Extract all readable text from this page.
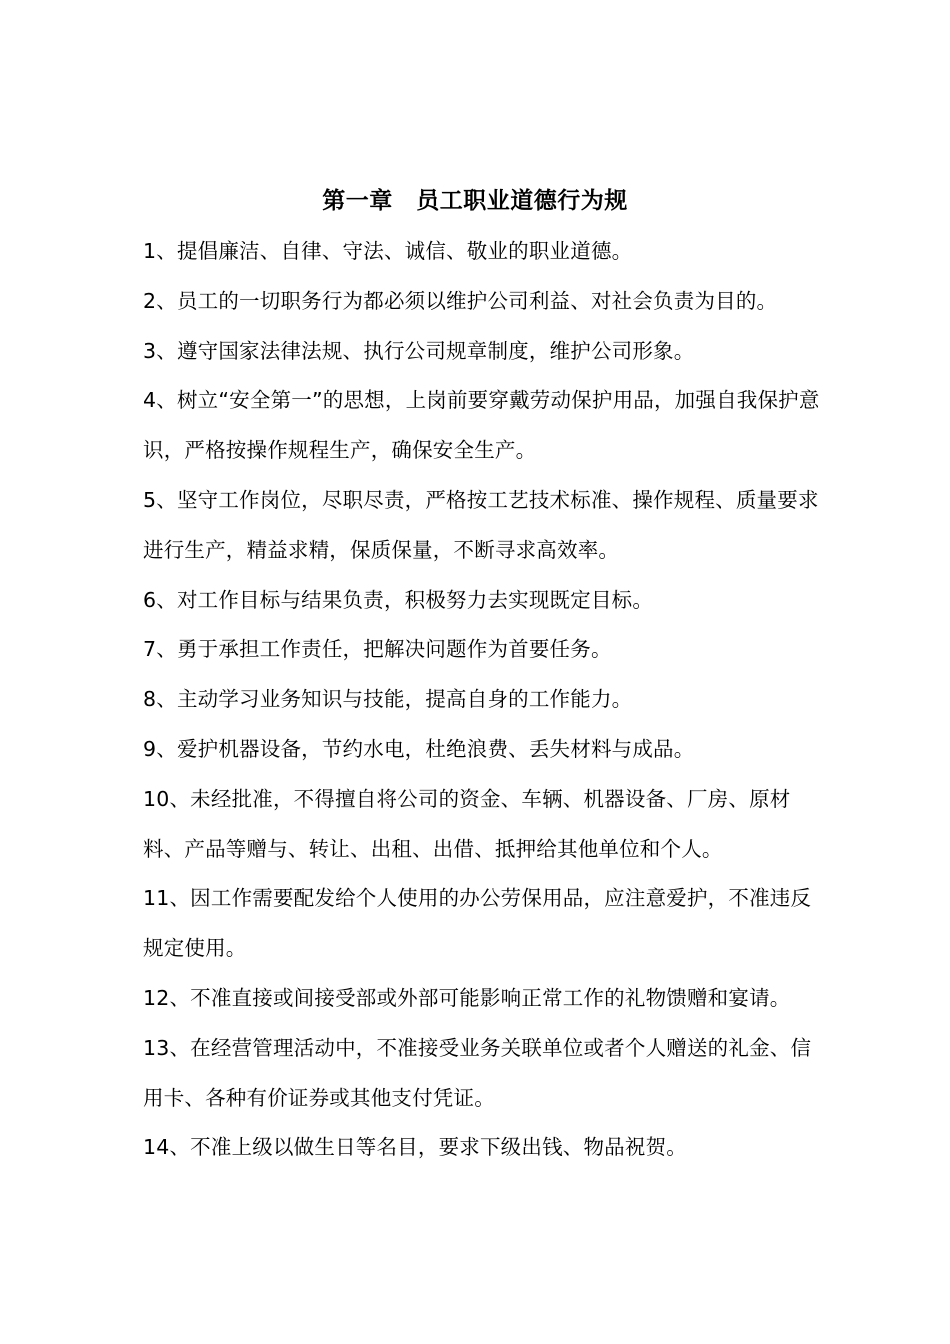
第一章　员工职业道德行为规

1、提倡廉洁、自律、守法、诚信、敬业的职业道德。

2、员工的一切职务行为都必须以维护公司利益、对社会负责为目的。

3、遵守国家法律法规、执行公司规章制度，维护公司形象。

4、树立“安全第一”的思想，上岗前要穿戴劳动保护用品，加强自我保护意识，严格按操作规程生产，确保安全生产。

5、坚守工作岗位，尽职尽责，严格按工艺技术标准、操作规程、质量要求进行生产，精益求精，保质保量，不断寻求高效率。

6、对工作目标与结果负责，积极努力去实现既定目标。

7、勇于承担工作责任，把解决问题作为首要任务。

8、主动学习业务知识与技能，提高自身的工作能力。

9、爱护机器设备，节约水电，杜绝浪费、丢失材料与成品。

10、未经批准，不得擅自将公司的资金、车辆、机器设备、厂房、原材料、产品等赠与、转让、出租、出借、抵押给其他单位和个人。

11、因工作需要配发给个人使用的办公劳保用品，应注意爱护，不准违反规定使用。

12、不准直接或间接受部或外部可能影响正常工作的礼物馈赠和宴请。

13、在经营管理活动中，不准接受业务关联单位或者个人赠送的礼金、信用卡、各种有价证券或其他支付凭证。

14、不准上级以做生日等名目，要求下级出钱、物品祝贺。
